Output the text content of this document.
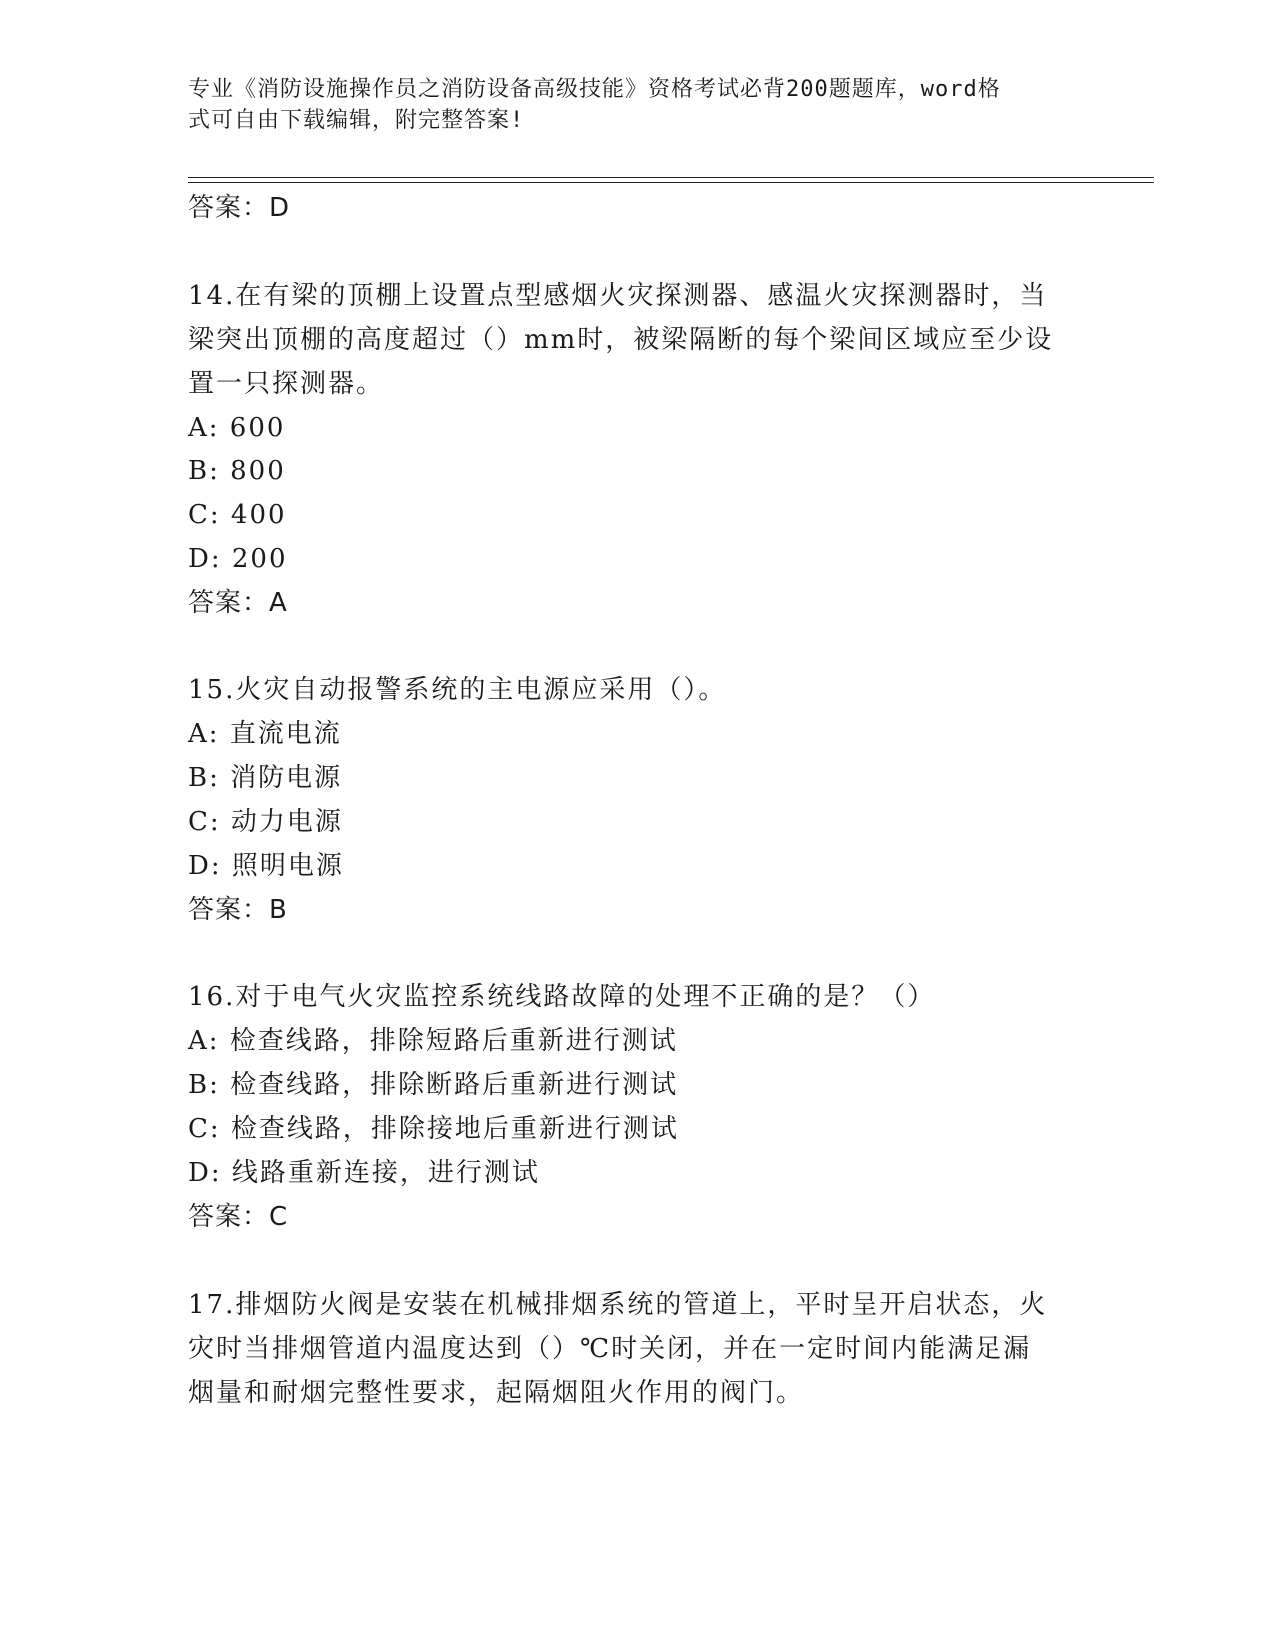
专业《消防设施操作员之消防设备高级技能》资格考试必背200题题库，word格
式可自由下载编辑，附完整答案!
答案：D
14.在有梁的顶棚上设置点型感烟火灾探测器、感温火灾探测器时，当
梁突出顶棚的高度超过（）mm时，被梁隔断的每个梁间区域应至少设
置一只探测器。
A: 600
B: 800
C: 400
D: 200
答案：A
15.火灾自动报警系统的主电源应采用（）。
A: 直流电流
B: 消防电源
C: 动力电源
D: 照明电源
答案：B
16.对于电气火灾监控系统线路故障的处理不正确的是？（）
A: 检查线路，排除短路后重新进行测试
B: 检查线路，排除断路后重新进行测试
C: 检查线路，排除接地后重新进行测试
D: 线路重新连接，进行测试
答案：C
17.排烟防火阀是安装在机械排烟系统的管道上，平时呈开启状态，火
灾时当排烟管道内温度达到（）℃时关闭，并在一定时间内能满足漏
烟量和耐烟完整性要求，起隔烟阻火作用的阀门。
